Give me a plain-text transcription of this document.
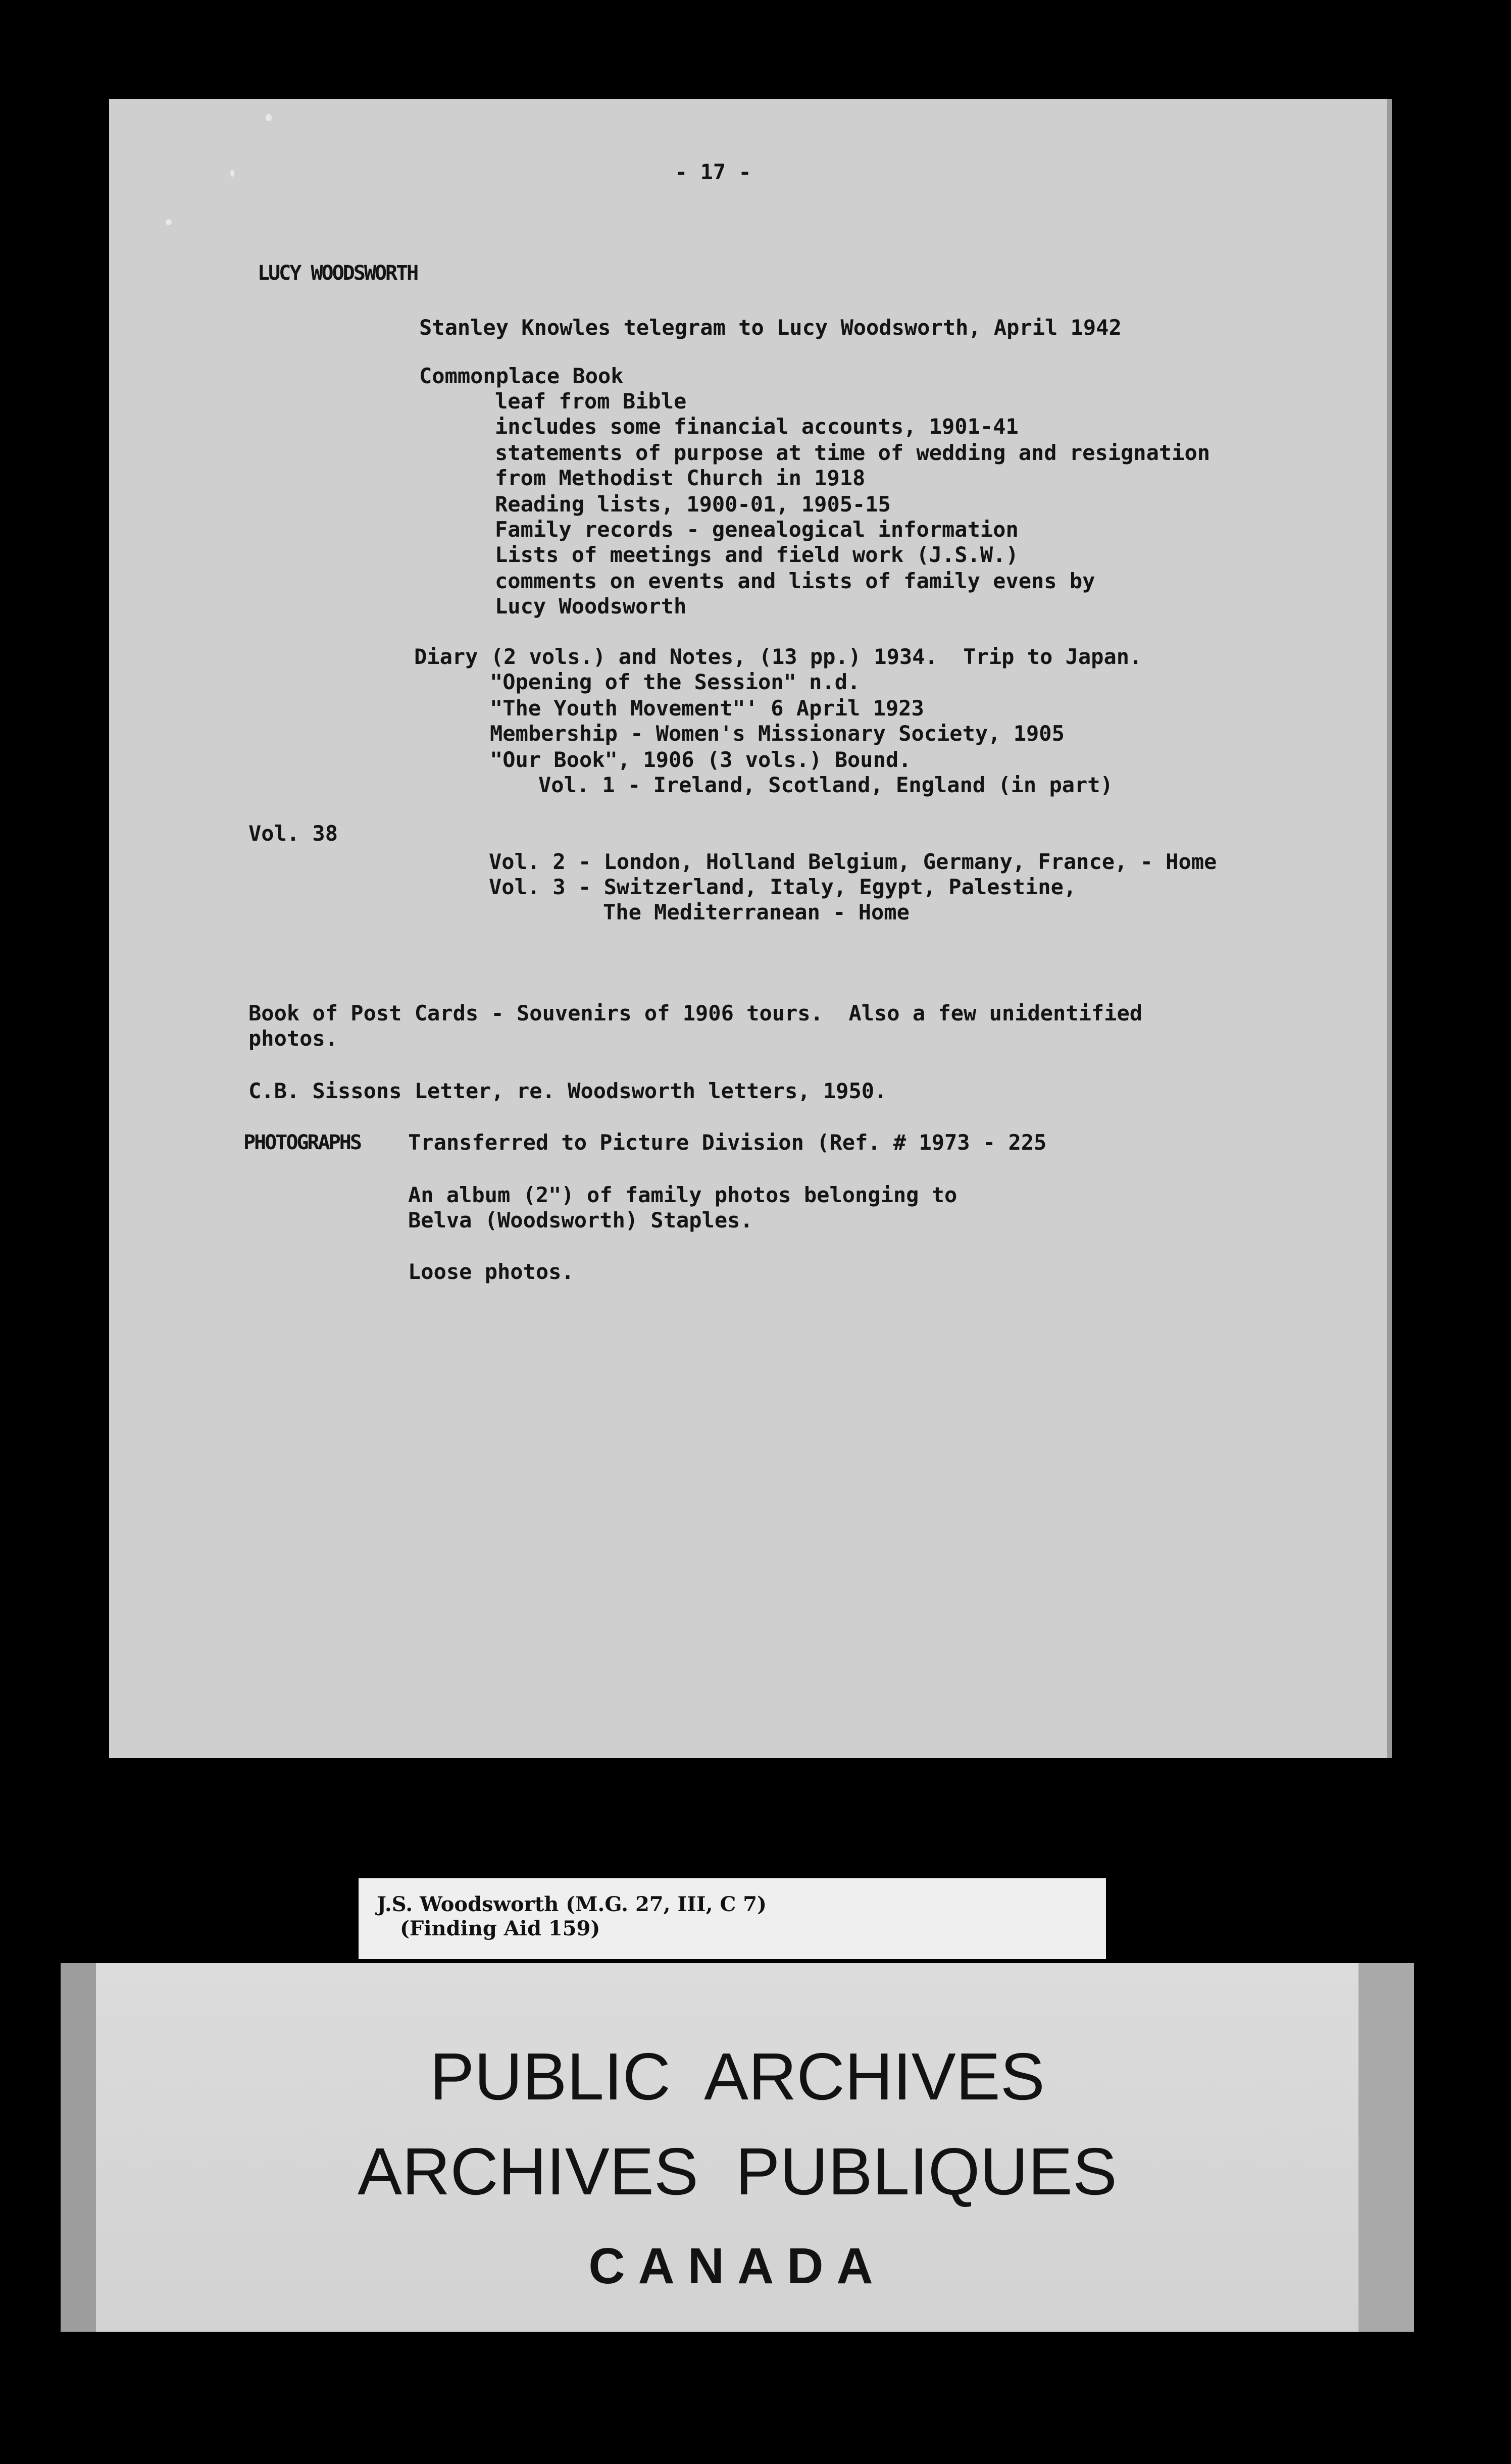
- 17 -

LUCY WOODSWORTH

Stanley Knowles telegram to Lucy Woodsworth, April 1942

Commonplace Book

leaf from Bible

includes some financial accounts, 1901-41

statements of purpose at time of wedding and resignation

from Methodist Church in 1918

Reading lists, 1900-01, 1905-15

Family records - genealogical information

Lists of meetings and field work (J.S.W.)

comments on events and lists of family evens by

Lucy Woodsworth

Diary (2 vols.) and Notes, (13 pp.) 1934.  Trip to Japan.

"Opening of the Session" n.d.

"The Youth Movement"' 6 April 1923

Membership - Women's Missionary Society, 1905

"Our Book", 1906 (3 vols.) Bound.

Vol. 1 - Ireland, Scotland, England (in part)

Vol. 38

Vol. 2 - London, Holland Belgium, Germany, France, - Home

Vol. 3 - Switzerland, Italy, Egypt, Palestine,

The Mediterranean - Home

Book of Post Cards - Souvenirs of 1906 tours.  Also a few unidentified

photos.

C.B. Sissons Letter, re. Woodsworth letters, 1950.

PHOTOGRAPHS Transferred to Picture Division (Ref. # 1973 - 225

An album (2") of family photos belonging to

Belva (Woodsworth) Staples.

Loose photos.

J.S. Woodsworth (M.G. 27, III, C 7)

(Finding Aid 159)

PUBLIC  ARCHIVES

ARCHIVES  PUBLIQUES

CANADA
